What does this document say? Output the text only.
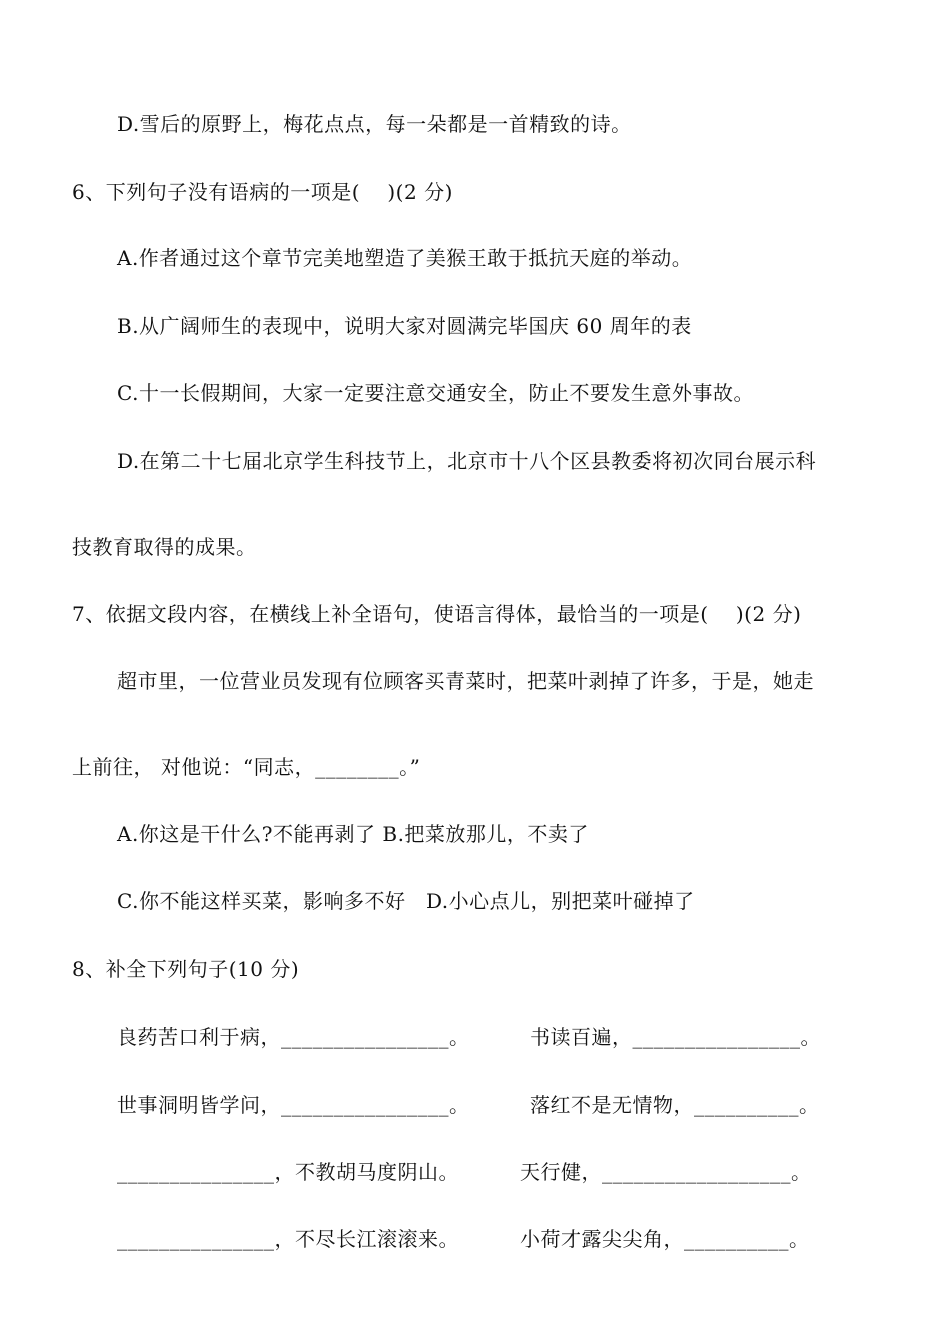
D.雪后的原野上，梅花点点，每一朵都是一首精致的诗。
6、下列句子没有语病的一项是(　 )(2 分)
A.作者通过这个章节完美地塑造了美猴王敢于抵抗天庭的举动。
B.从广阔师生的表现中，说明大家对圆满完毕国庆 60 周年的表
C.十一长假期间，大家一定要注意交通安全，防止不要发生意外事故。
D.在第二十七届北京学生科技节上，北京市十八个区县教委将初次同台展示科
技教育取得的成果。
7、依据文段内容，在横线上补全语句，使语言得体，最恰当的一项是(　 )(2 分)
超市里，一位营业员发现有位顾客买青菜时，把菜叶剥掉了许多，于是，她走
上前往， 对他说：“同志，________。”
A.你这是干什么?不能再剥了 B.把菜放那儿，不卖了
C.你不能这样买菜，影响多不好　D.小心点儿，别把菜叶碰掉了
8、补全下列句子(10 分)
良药苦口利于病，________________。	书读百遍，________________。
世事洞明皆学问，________________。	落红不是无情物，__________。
_______________，不教胡马度阴山。	天行健，__________________。
_______________，不尽长江滚滚来。	小荷才露尖尖角，__________。
